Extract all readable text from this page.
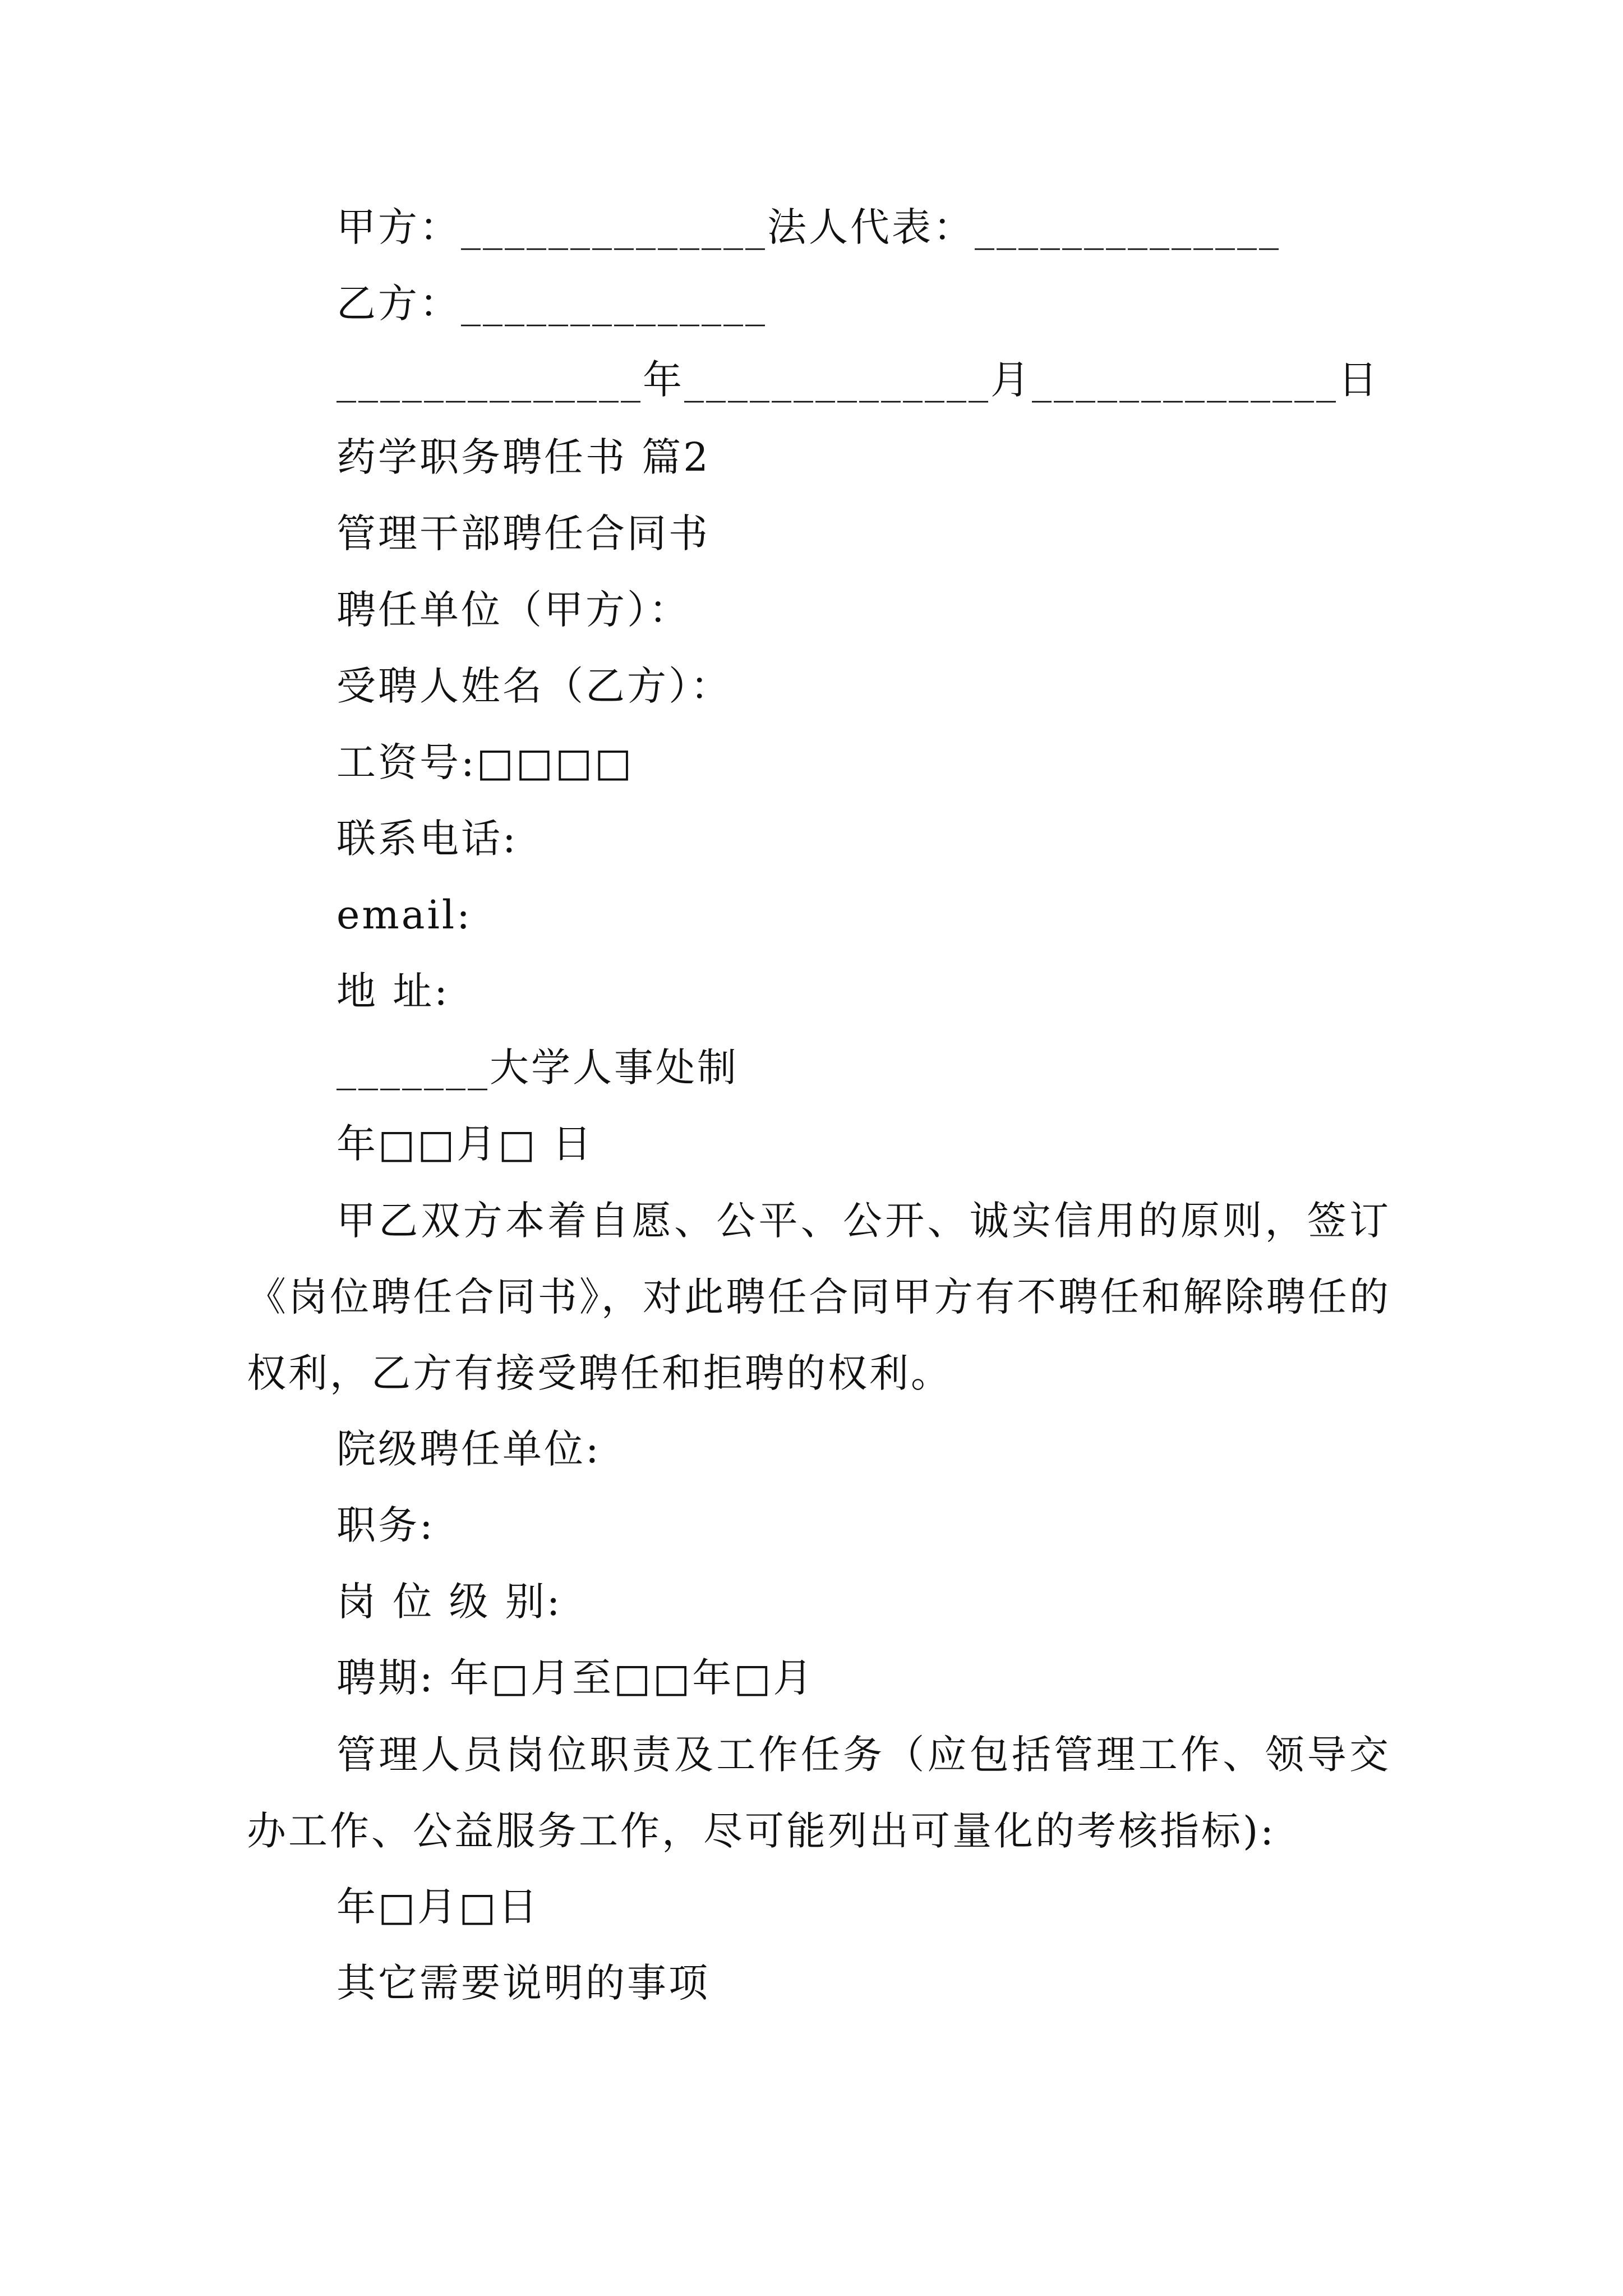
甲方：______________法人代表：______________
乙方：______________
______________年______________月______________日
药学职务聘任书 篇2
管理干部聘任合同书
聘任单位（甲方）：
受聘人姓名（乙方）：
工资号:□□□□
联系电话:
email:
地 址:
_______大学人事处制
年□□月□ 日
甲乙双方本着自愿、公平、公开、诚实信用的原则，签订《岗位聘任合同书》，对此聘任合同甲方有不聘任和解除聘任的权利，乙方有接受聘任和拒聘的权利。
院级聘任单位:
职务:
岗 位 级 别:
聘期: 年□月至□□年□月
管理人员岗位职责及工作任务（应包括管理工作、领导交办工作、公益服务工作，尽可能列出可量化的考核指标):
年□月□日
其它需要说明的事项
